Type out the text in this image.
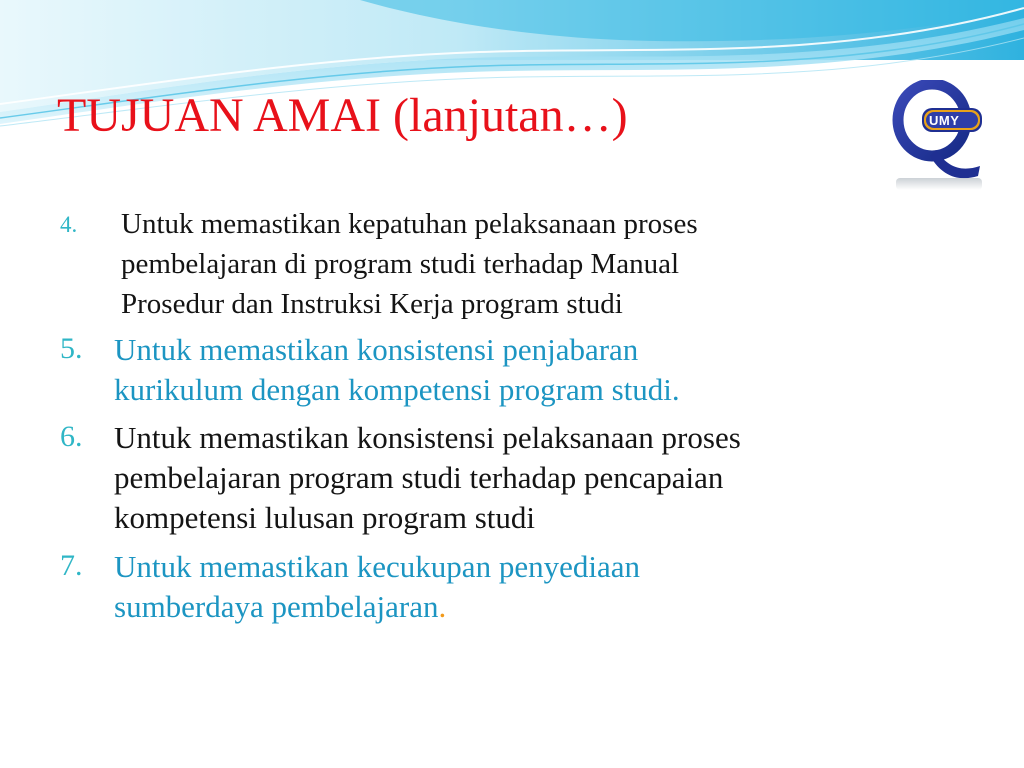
TUJUAN AMAI (lanjutan…)	UMY
4. Untuk memastikan kepatuhan pelaksanaan proses
pembelajaran di program studi terhadap Manual
Prosedur dan Instruksi Kerja program studi
5. Untuk memastikan konsistensi penjabaran
kurikulum dengan kompetensi program studi.
6. Untuk memastikan konsistensi pelaksanaan proses
pembelajaran program studi terhadap pencapaian
kompetensi lulusan program studi
7. Untuk memastikan kecukupan penyediaan
sumberdaya pembelajaran.
